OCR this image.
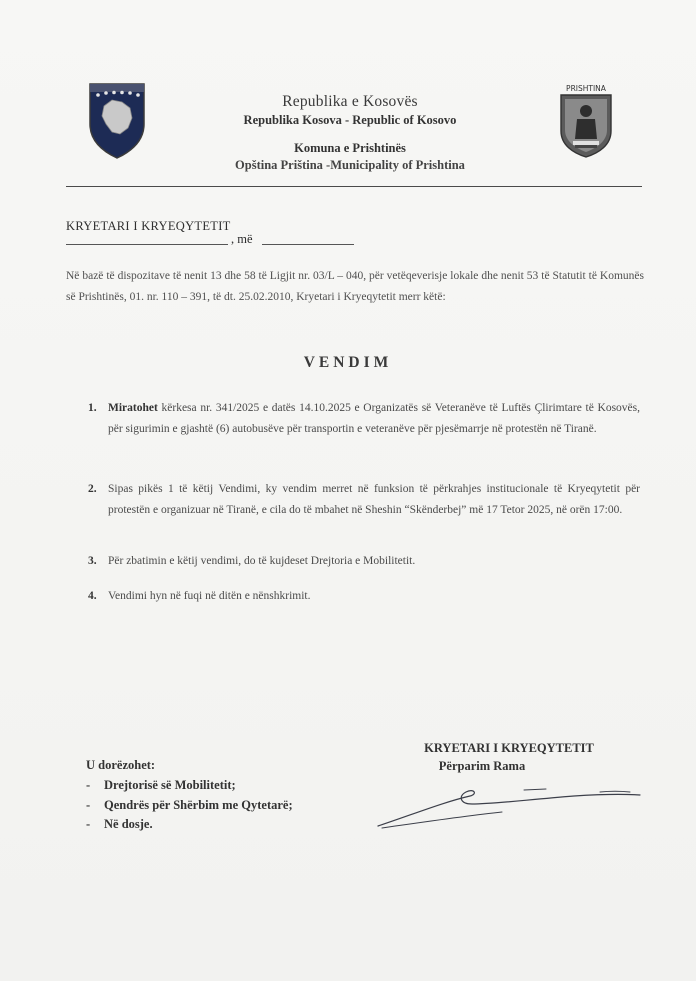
Republika e Kosovës
Republika Kosova - Republic of Kosovo
Komuna e Prishtinës
Opština Priština -Municipality of Prishtina
PRISHTINA
KRYETARI I KRYEQYTETIT
, më
Në bazë të dispozitave të nenit 13 dhe 58 të Ligjit nr. 03/L – 040, për vetëqeverisje lokale dhe nenit 53 të Statutit të Komunës së Prishtinës, 01. nr. 110 – 391, të dt. 25.02.2010, Kryetari i Kryeqytetit merr këtë:
VENDIM
1. Miratohet kërkesa nr. 341/2025 e datës 14.10.2025 e Organizatës së Veteranëve të Luftës Çlirimtare të Kosovës, për sigurimin e gjashtë (6) autobusëve për transportin e veteranëve për pjesëmarrje në protestën në Tiranë.
2. Sipas pikës 1 të këtij Vendimi, ky vendim merret në funksion të përkrahjes institucionale të Kryeqytetit për protestën e organizuar në Tiranë, e cila do të mbahet në Sheshin “Skënderbej” më 17 Tetor 2025, në orën 17:00.
3. Për zbatimin e këtij vendimi, do të kujdeset Drejtoria e Mobilitetit.
4. Vendimi hyn në fuqi në ditën e nënshkrimit.
U dorëzohet:
- Drejtorisë së Mobilitetit;
- Qendrës për Shërbim me Qytetarë;
- Në dosje.
KRYETARI I KRYEQYTETIT
Përparim Rama
